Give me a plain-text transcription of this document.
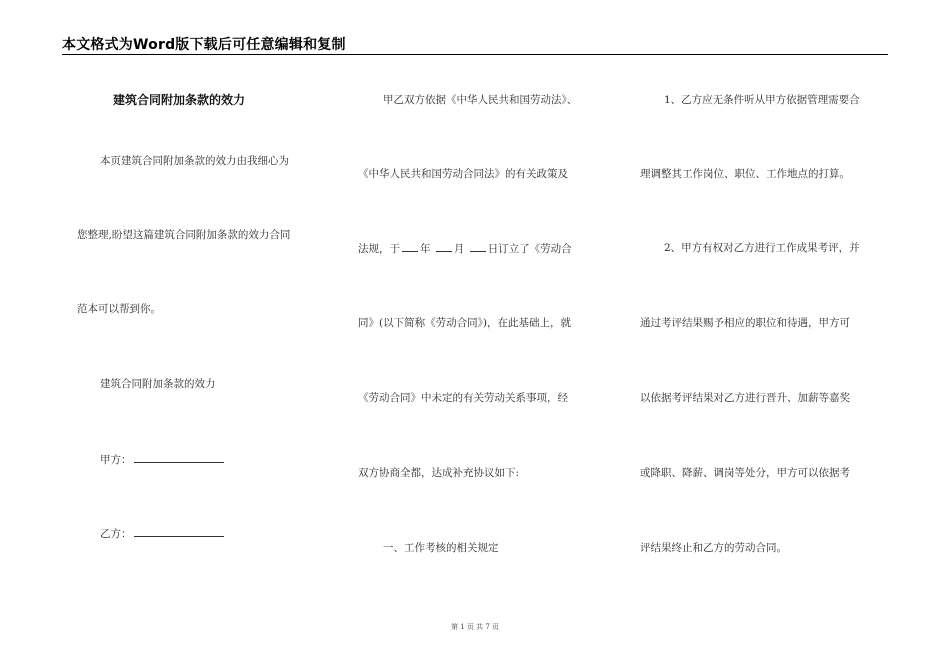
本文格式为Word版下载后可任意编辑和复制
建筑合同附加条款的效力
本页建筑合同附加条款的效力由我细心为
您整理,盼望这篇建筑合同附加条款的效力合同
范本可以帮到你。
建筑合同附加条款的效力
甲方：
乙方：
甲乙双方依据《中华人民共和国劳动法》、
《中华人民共和国劳动合同法》的有关政策及
法规，于 年 月 日订立了《劳动合
同》(以下简称《劳动合同》)，在此基础上，就
《劳动合同》中未定的有关劳动关系事项，经
双方协商全都，达成补充协议如下:
一、工作考核的相关规定
1、乙方应无条件听从甲方依据管理需要合
理调整其工作岗位、职位、工作地点的打算。
2、甲方有权对乙方进行工作成果考评，并
通过考评结果赐予相应的职位和待遇，甲方可
以依据考评结果对乙方进行晋升、加薪等嘉奖
或降职、降薪、调岗等处分，甲方可以依据考
评结果终止和乙方的劳动合同。
第 1 页 共 7 页
